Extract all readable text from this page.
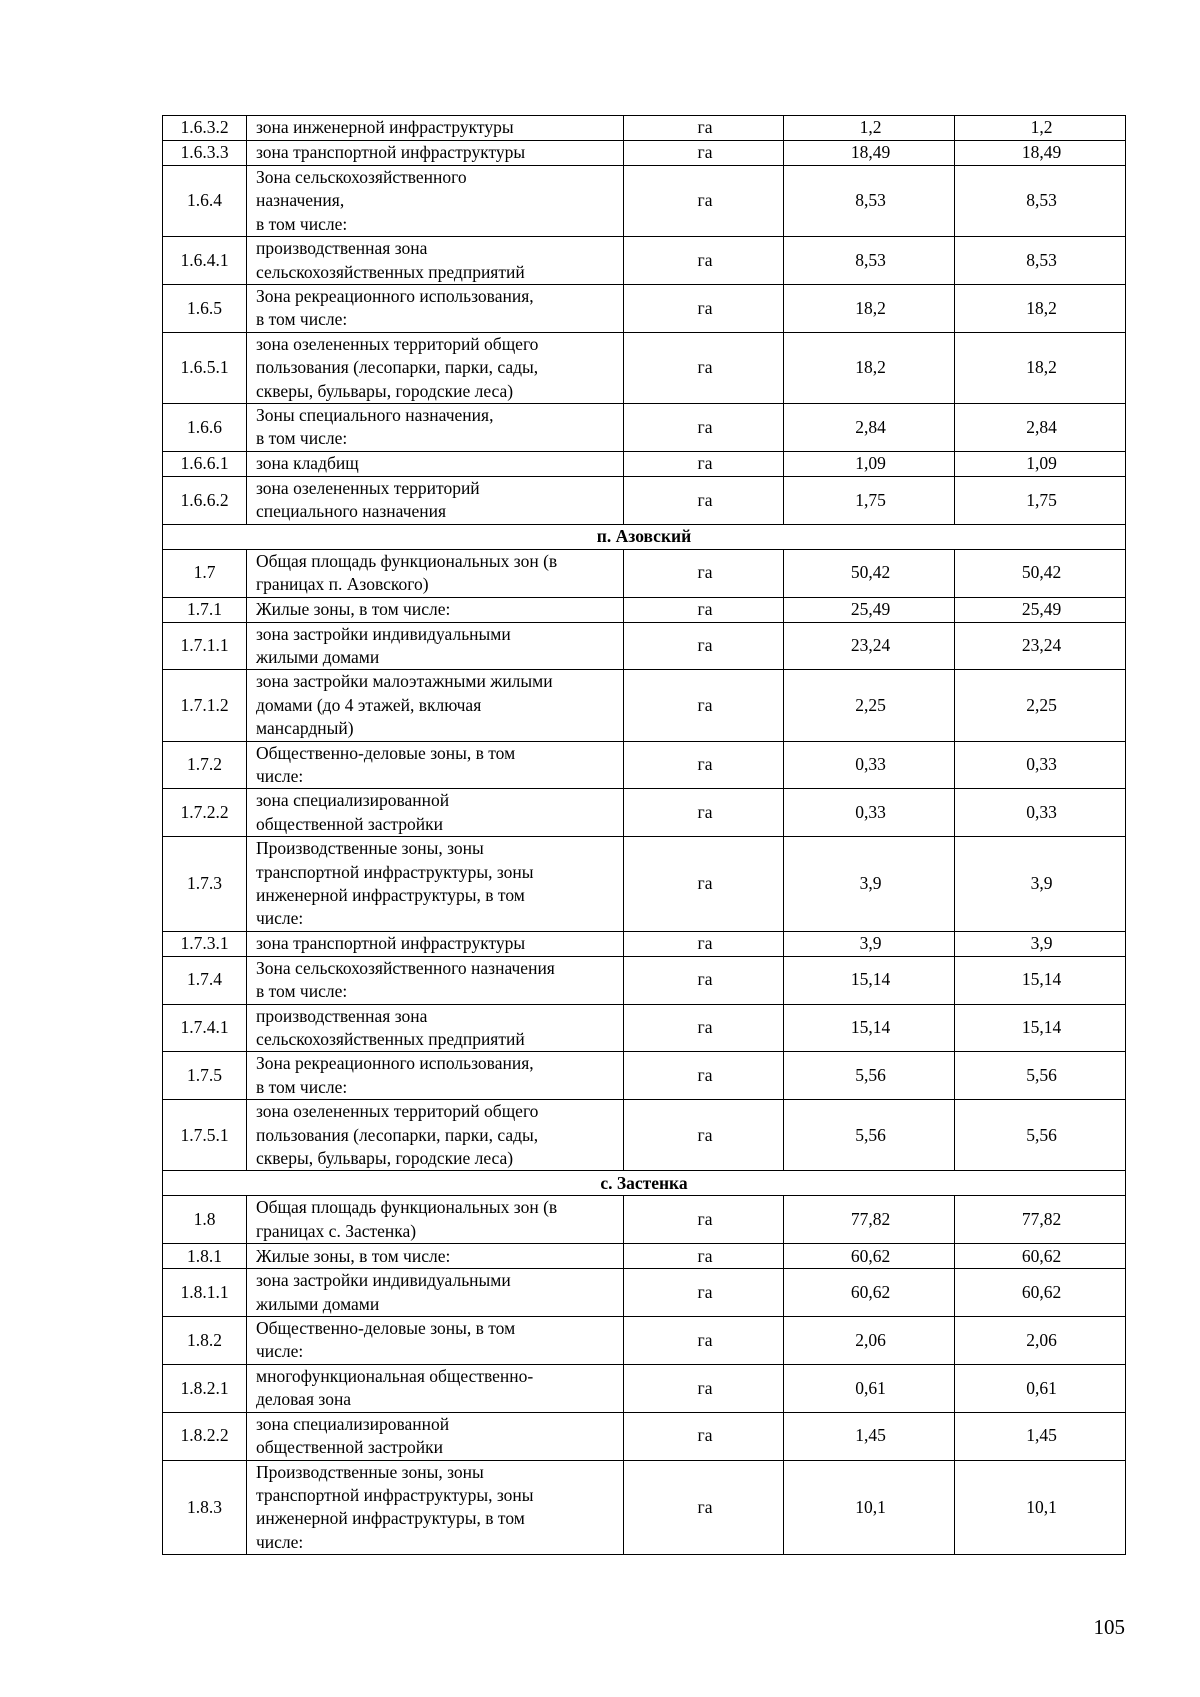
1.6.3.2	зона инженерной инфраструктуры	га	1,2	1,2
1.6.3.3	зона транспортной инфраструктуры	га	18,49	18,49
1.6.4	Зона сельскохозяйственного
назначения,
в том числе:	га	8,53	8,53
1.6.4.1	производственная зона
сельскохозяйственных предприятий	га	8,53	8,53
1.6.5	Зона рекреационного использования,
в том числе:	га	18,2	18,2
1.6.5.1	зона озелененных территорий общего
пользования (лесопарки, парки, сады,
скверы, бульвары, городские леса)	га	18,2	18,2
1.6.6	Зоны специального назначения,
в том числе:	га	2,84	2,84
1.6.6.1	зона кладбищ	га	1,09	1,09
1.6.6.2	зона озелененных территорий
специального назначения	га	1,75	1,75
п. Азовский				
1.7	Общая площадь функциональных зон (в
границах п. Азовского)	га	50,42	50,42
1.7.1	Жилые зоны, в том числе:	га	25,49	25,49
1.7.1.1	зона застройки индивидуальными
жилыми домами	га	23,24	23,24
1.7.1.2	зона застройки малоэтажными жилыми
домами (до 4 этажей, включая
мансардный)	га	2,25	2,25
1.7.2	Общественно-деловые зоны, в том
числе:	га	0,33	0,33
1.7.2.2	зона специализированной
общественной застройки	га	0,33	0,33
1.7.3	Производственные зоны, зоны
транспортной инфраструктуры, зоны
инженерной инфраструктуры, в том
числе:	га	3,9	3,9
1.7.3.1	зона транспортной инфраструктуры	га	3,9	3,9
1.7.4	Зона сельскохозяйственного назначения
в том числе:	га	15,14	15,14
1.7.4.1	производственная зона
сельскохозяйственных предприятий	га	15,14	15,14
1.7.5	Зона рекреационного использования,
в том числе:	га	5,56	5,56
1.7.5.1	зона озелененных территорий общего
пользования (лесопарки, парки, сады,
скверы, бульвары, городские леса)	га	5,56	5,56
с. Застенка				
1.8	Общая площадь функциональных зон (в
границах с. Застенка)	га	77,82	77,82
1.8.1	Жилые зоны, в том числе:	га	60,62	60,62
1.8.1.1	зона застройки индивидуальными
жилыми домами	га	60,62	60,62
1.8.2	Общественно-деловые зоны, в том
числе:	га	2,06	2,06
1.8.2.1	многофункциональная общественно-
деловая зона	га	0,61	0,61
1.8.2.2	зона специализированной
общественной застройки	га	1,45	1,45
1.8.3	Производственные зоны, зоны
транспортной инфраструктуры, зоны
инженерной инфраструктуры, в том
числе:	га	10,1	10,1
105
